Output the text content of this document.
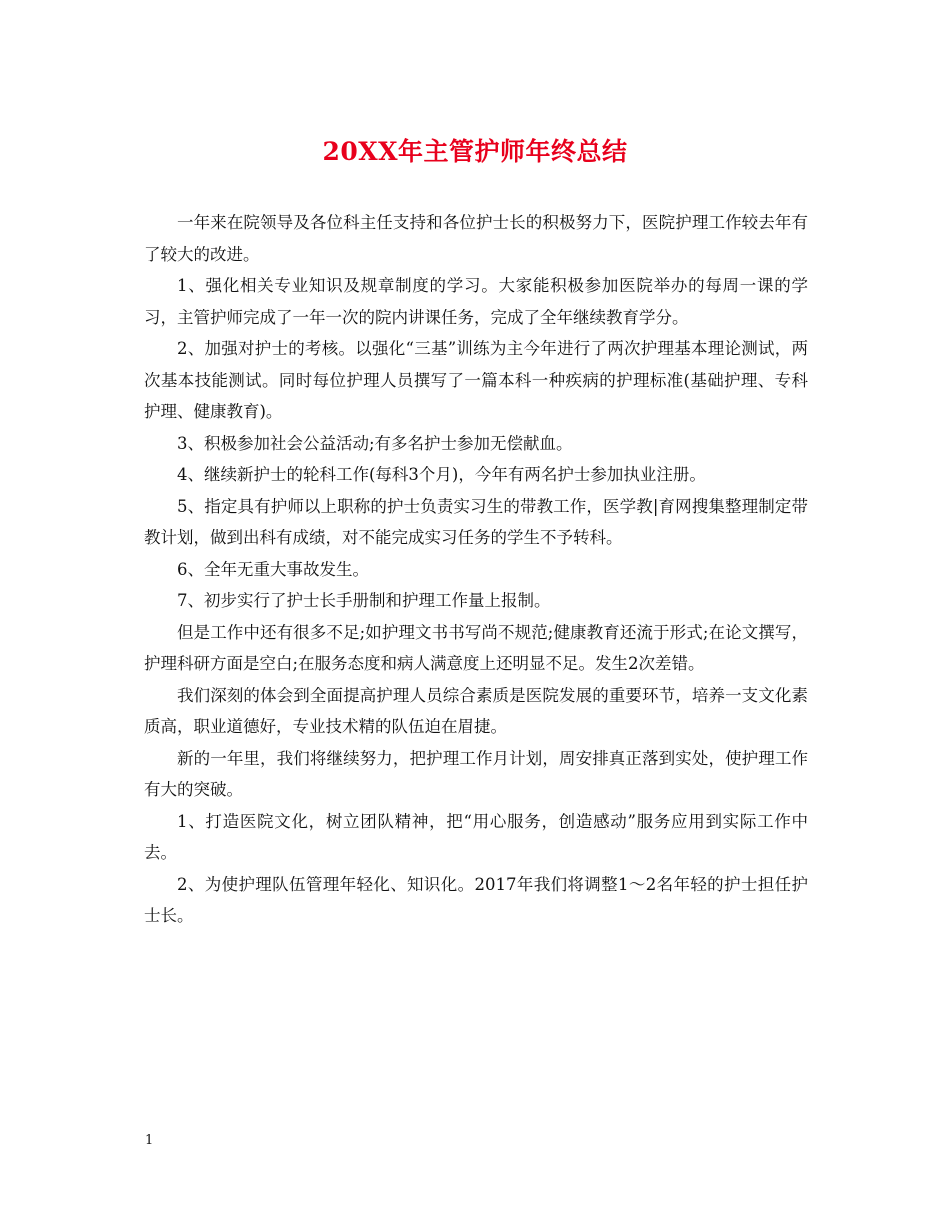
20XX年主管护师年终总结

一年来在院领导及各位科主任支持和各位护士长的积极努力下，医院护理工作较去年有了较大的改进。

1、强化相关专业知识及规章制度的学习。大家能积极参加医院举办的每周一课的学习，主管护师完成了一年一次的院内讲课任务，完成了全年继续教育学分。

2、加强对护士的考核。以强化“三基”训练为主今年进行了两次护理基本理论测试，两次基本技能测试。同时每位护理人员撰写了一篇本科一种疾病的护理标准(基础护理、专科护理、健康教育)。

3、积极参加社会公益活动;有多名护士参加无偿献血。

4、继续新护士的轮科工作(每科3个月)，今年有两名护士参加执业注册。

5、指定具有护师以上职称的护士负责实习生的带教工作，医学教|育网搜集整理制定带教计划，做到出科有成绩，对不能完成实习任务的学生不予转科。

6、全年无重大事故发生。

7、初步实行了护士长手册制和护理工作量上报制。

但是工作中还有很多不足;如护理文书书写尚不规范;健康教育还流于形式;在论文撰写，护理科研方面是空白;在服务态度和病人满意度上还明显不足。发生2次差错。

我们深刻的体会到全面提高护理人员综合素质是医院发展的重要环节，培养一支文化素质高，职业道德好，专业技术精的队伍迫在眉捷。

新的一年里，我们将继续努力，把护理工作月计划，周安排真正落到实处，使护理工作有大的突破。

1、打造医院文化，树立团队精神，把“用心服务，创造感动”服务应用到实际工作中去。

2、为使护理队伍管理年轻化、知识化。2017年我们将调整1～2名年轻的护士担任护士长。

1
